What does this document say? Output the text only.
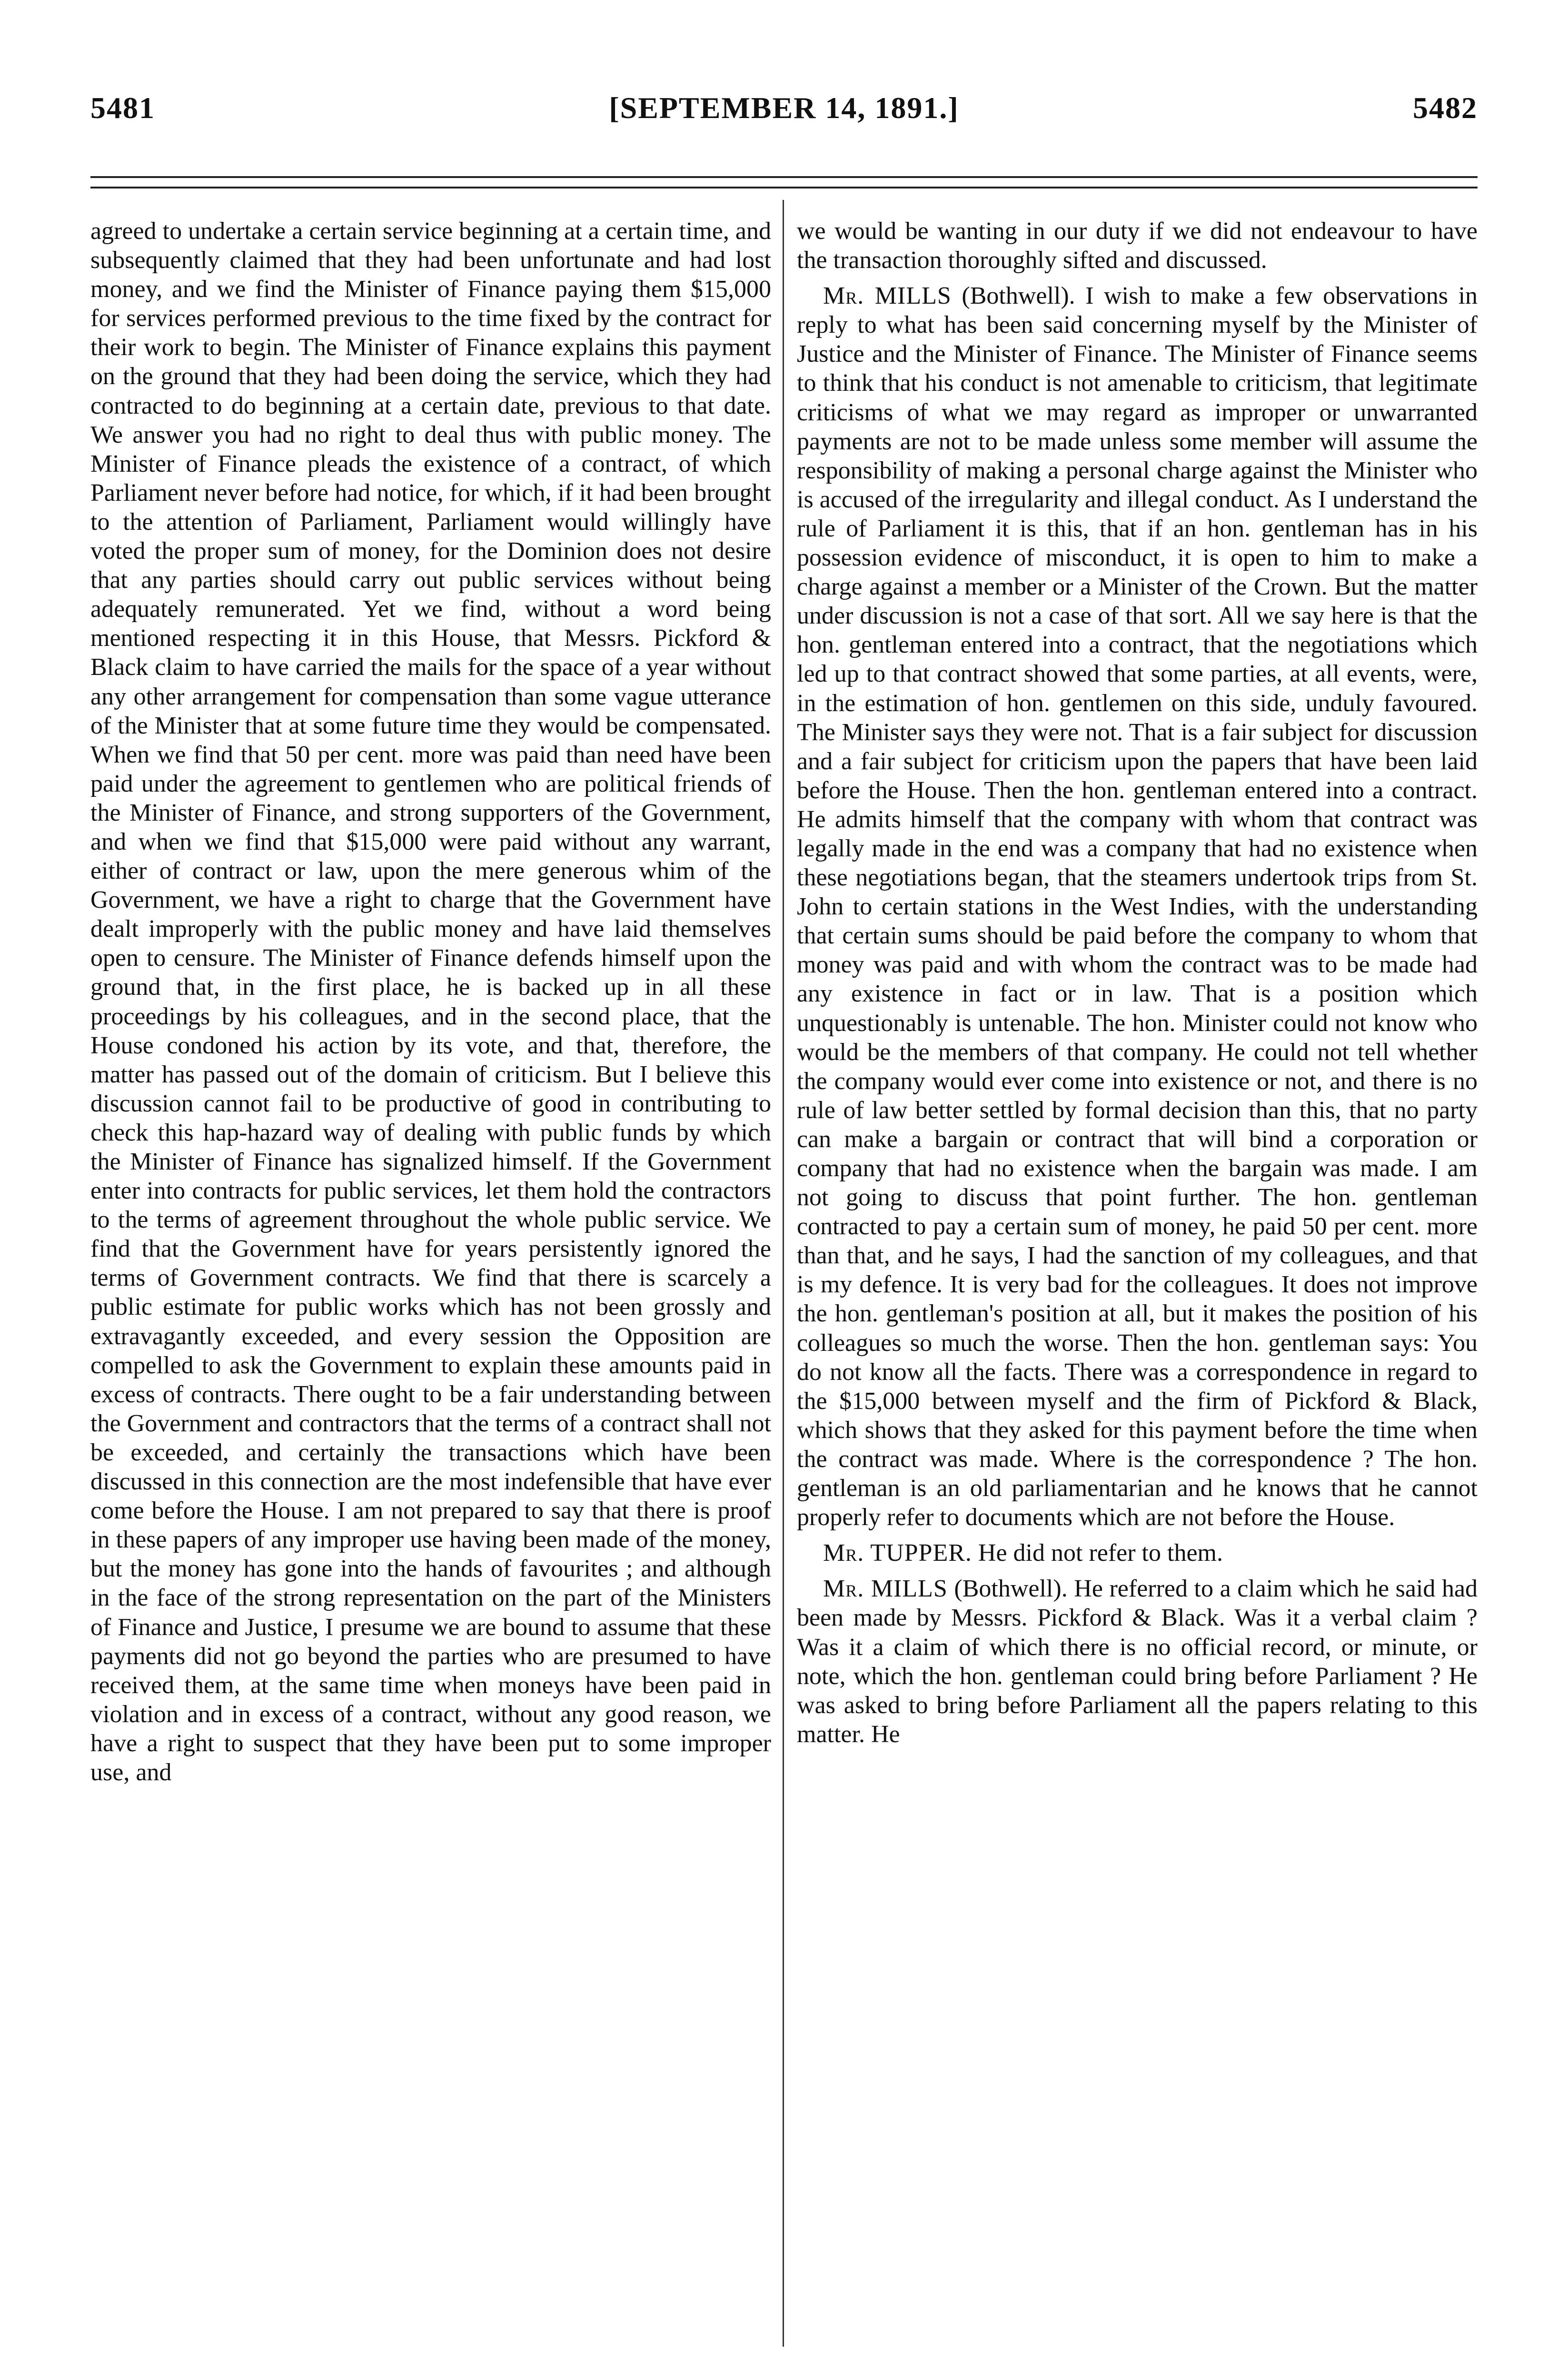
5481	[SEPTEMBER 14, 1891.]	5482

agreed to undertake a certain service beginning at a certain time, and subsequently claimed that they had been unfortunate and had lost money, and we find the Minister of Finance paying them $15,000 for services performed previous to the time fixed by the contract for their work to begin. The Minister of Finance explains this payment on the ground that they had been doing the service, which they had contracted to do beginning at a certain date, previous to that date. We answer you had no right to deal thus with public money. The Minister of Finance pleads the existence of a contract, of which Parliament never before had notice, for which, if it had been brought to the attention of Parliament, Parliament would willingly have voted the proper sum of money, for the Dominion does not desire that any parties should carry out public services without being adequately remunerated. Yet we find, without a word being mentioned respecting it in this House, that Messrs. Pickford & Black claim to have carried the mails for the space of a year without any other arrangement for compensation than some vague utterance of the Minister that at some future time they would be compensated. When we find that 50 per cent. more was paid than need have been paid under the agreement to gentlemen who are political friends of the Minister of Finance, and strong supporters of the Government, and when we find that $15,000 were paid without any warrant, either of contract or law, upon the mere generous whim of the Government, we have a right to charge that the Government have dealt improperly with the public money and have laid themselves open to censure. The Minister of Finance defends himself upon the ground that, in the first place, he is backed up in all these proceedings by his colleagues, and in the second place, that the House condoned his action by its vote, and that, therefore, the matter has passed out of the domain of criticism. But I believe this discussion cannot fail to be productive of good in contributing to check this hap-hazard way of dealing with public funds by which the Minister of Finance has signalized himself. If the Government enter into contracts for public services, let them hold the contractors to the terms of agreement throughout the whole public service. We find that the Government have for years persistently ignored the terms of Government contracts. We find that there is scarcely a public estimate for public works which has not been grossly and extravagantly exceeded, and every session the Opposition are compelled to ask the Government to explain these amounts paid in excess of contracts. There ought to be a fair understanding between the Government and contractors that the terms of a contract shall not be exceeded, and certainly the transactions which have been discussed in this connection are the most indefensible that have ever come before the House. I am not prepared to say that there is proof in these papers of any improper use having been made of the money, but the money has gone into the hands of favourites ; and although in the face of the strong representation on the part of the Ministers of Finance and Justice, I presume we are bound to assume that these payments did not go beyond the parties who are presumed to have received them, at the same time when moneys have been paid in violation and in excess of a contract, without any good reason, we have a right to suspect that they have been put to some improper use, and

we would be wanting in our duty if we did not endeavour to have the transaction thoroughly sifted and discussed.

Mr. MILLS (Bothwell). I wish to make a few observations in reply to what has been said concerning myself by the Minister of Justice and the Minister of Finance. The Minister of Finance seems to think that his conduct is not amenable to criticism, that legitimate criticisms of what we may regard as improper or unwarranted payments are not to be made unless some member will assume the responsibility of making a personal charge against the Minister who is accused of the irregularity and illegal conduct. As I understand the rule of Parliament it is this, that if an hon. gentleman has in his possession evidence of misconduct, it is open to him to make a charge against a member or a Minister of the Crown. But the matter under discussion is not a case of that sort. All we say here is that the hon. gentleman entered into a contract, that the negotiations which led up to that contract showed that some parties, at all events, were, in the estimation of hon. gentlemen on this side, unduly favoured. The Minister says they were not. That is a fair subject for discussion and a fair subject for criticism upon the papers that have been laid before the House. Then the hon. gentleman entered into a contract. He admits himself that the company with whom that contract was legally made in the end was a company that had no existence when these negotiations began, that the steamers undertook trips from St. John to certain stations in the West Indies, with the understanding that certain sums should be paid before the company to whom that money was paid and with whom the contract was to be made had any existence in fact or in law. That is a position which unquestionably is untenable. The hon. Minister could not know who would be the members of that company. He could not tell whether the company would ever come into existence or not, and there is no rule of law better settled by formal decision than this, that no party can make a bargain or contract that will bind a corporation or company that had no existence when the bargain was made. I am not going to discuss that point further. The hon. gentleman contracted to pay a certain sum of money, he paid 50 per cent. more than that, and he says, I had the sanction of my colleagues, and that is my defence. It is very bad for the colleagues. It does not improve the hon. gentleman's position at all, but it makes the position of his colleagues so much the worse. Then the hon. gentleman says: You do not know all the facts. There was a correspondence in regard to the $15,000 between myself and the firm of Pickford & Black, which shows that they asked for this payment before the time when the contract was made. Where is the correspondence ? The hon. gentleman is an old parliamentarian and he knows that he cannot properly refer to documents which are not before the House.

Mr. TUPPER. He did not refer to them.

Mr. MILLS (Bothwell). He referred to a claim which he said had been made by Messrs. Pickford & Black. Was it a verbal claim ? Was it a claim of which there is no official record, or minute, or note, which the hon. gentleman could bring before Parliament ? He was asked to bring before Parliament all the papers relating to this matter. He
